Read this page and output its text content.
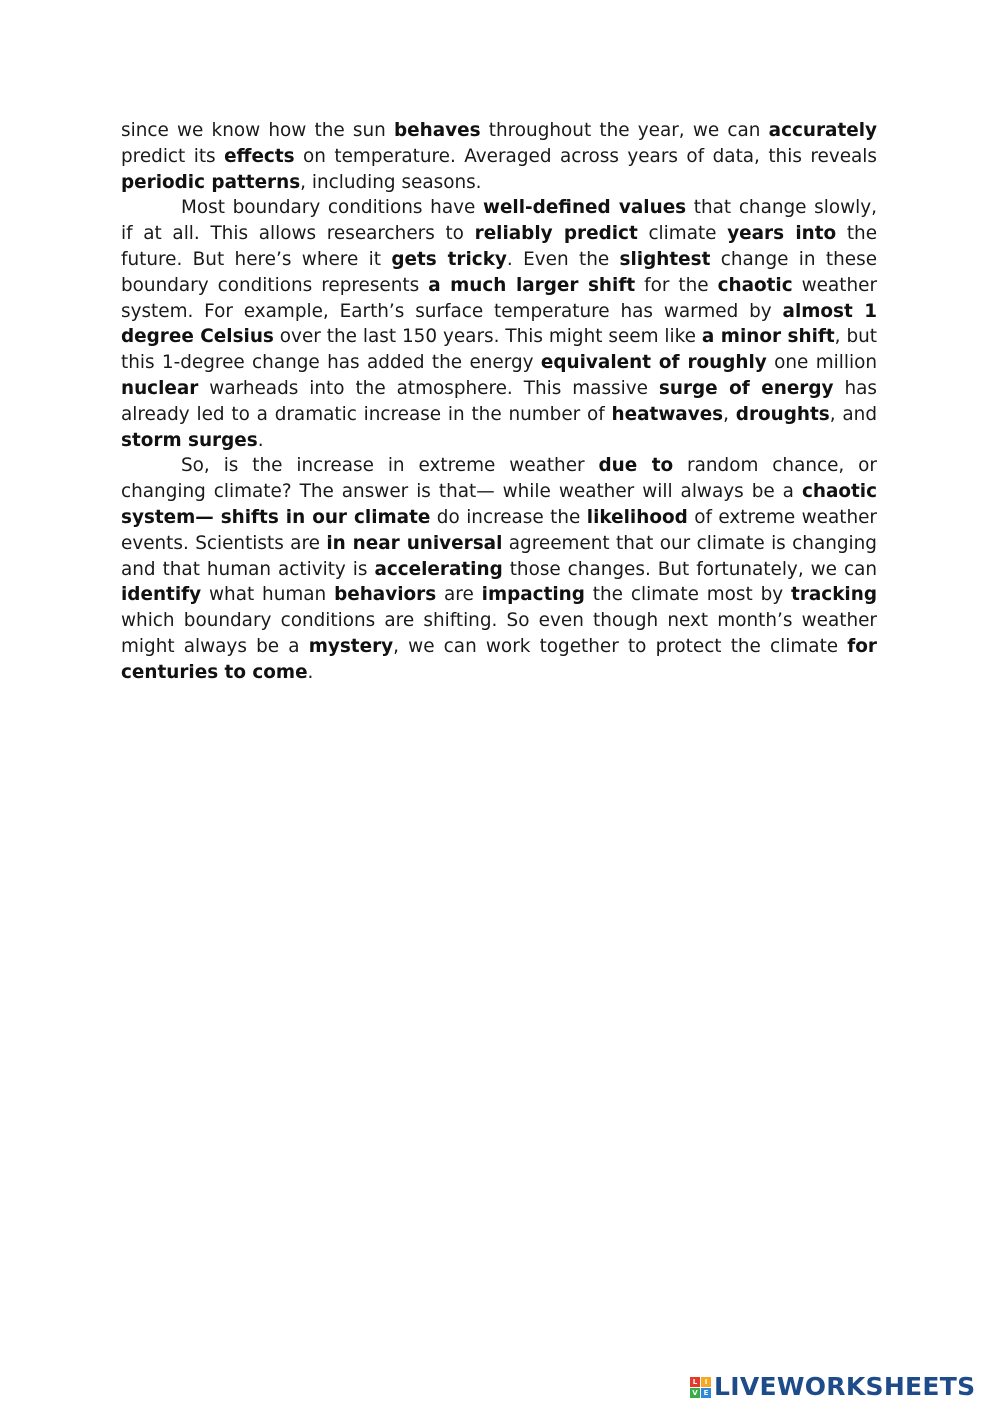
since we know how the sun behaves throughout the year, we can accurately predict its effects on temperature. Averaged across years of data, this reveals periodic patterns, including seasons.

Most boundary conditions have well-defined values that change slowly, if at all. This allows researchers to reliably predict climate years into the future. But here’s where it gets tricky. Even the slightest change in these boundary conditions represents a much larger shift for the chaotic weather system. For example, Earth’s surface temperature has warmed by almost 1 degree Celsius over the last 150 years. This might seem like a minor shift, but this 1-degree change has added the energy equivalent of roughly one million nuclear warheads into the atmosphere. This massive surge of energy has already led to a dramatic increase in the number of heatwaves, droughts, and storm surges.

So, is the increase in extreme weather due to random chance, or changing climate? The answer is that— while weather will always be a chaotic system— shifts in our climate do increase the likelihood of extreme weather events. Scientists are in near universal agreement that our climate is changing and that human activity is accelerating those changes. But fortunately, we can identify what human behaviors are impacting the climate most by tracking which boundary conditions are shifting. So even though next month’s weather might always be a mystery, we can work together to protect the climate for centuries to come.

L	I
V E LIVEWORKSHEETS
